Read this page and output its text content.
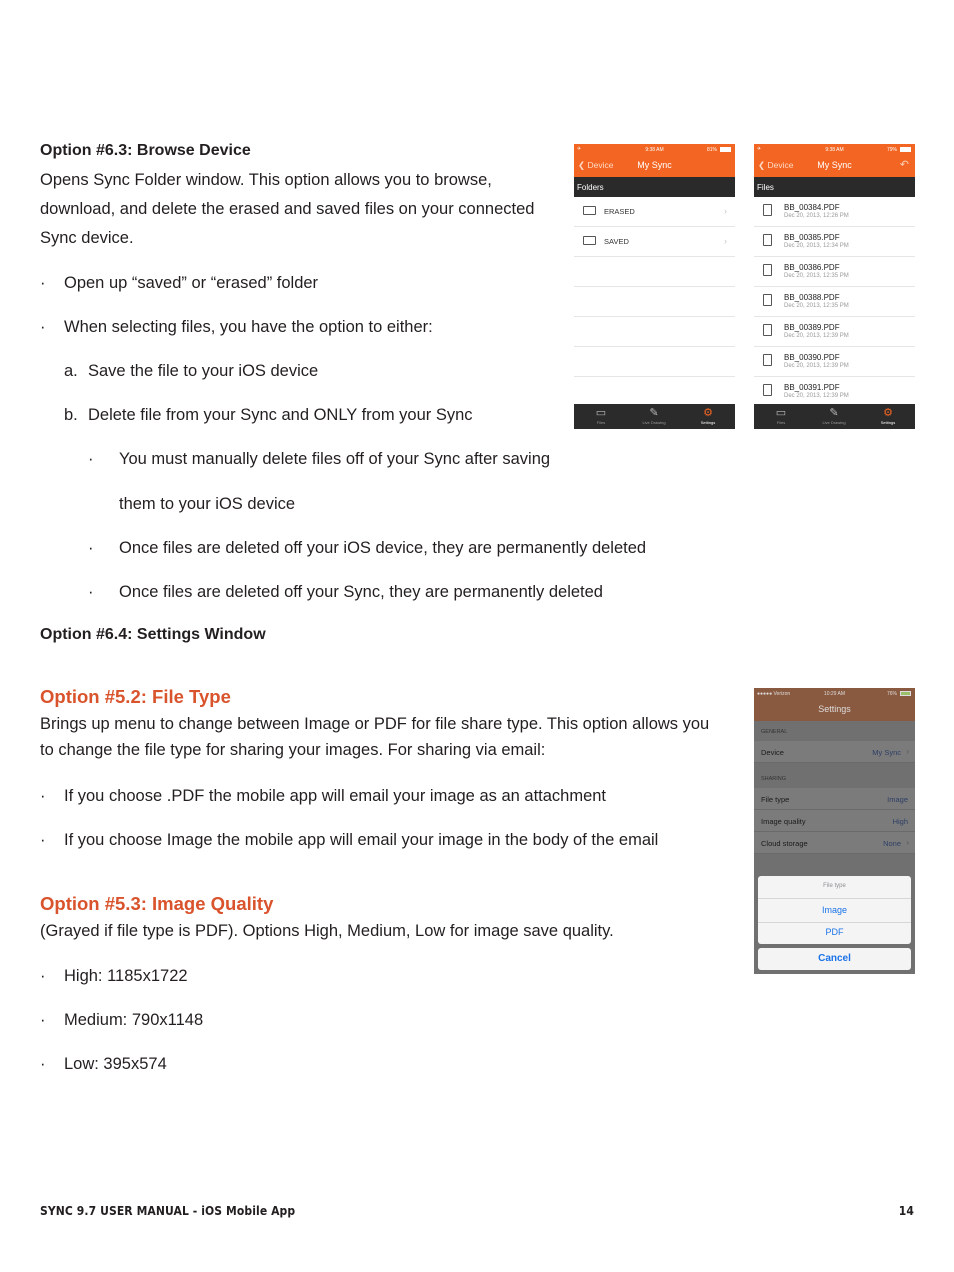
Option #6.3: Browse Device
Opens Sync Folder window. This option allows you to browse,
download, and delete the erased and saved files on your connected
Sync device.
· Open up “saved” or “erased” folder
· When selecting files, you have the option to either:
a. Save the file to your iOS device
b. Delete file from your Sync and ONLY from your Sync
· You must manually delete files off of your Sync after saving
them to your iOS device
· Once files are deleted off your iOS device, they are permanently deleted
· Once files are deleted off your Sync, they are permanently deleted
Option #6.4: Settings Window
Option #5.2: File Type
Brings up menu to change between Image or PDF for file share type. This option allows you
to change the file type for sharing your images. For sharing via email:
· If you choose .PDF the mobile app will email your image as an attachment
· If you choose Image the mobile app will email your image in the body of the email
Option #5.3: Image Quality
(Grayed if file type is PDF). Options High, Medium, Low for image save quality.
· High: 1185x1722
· Medium: 790x1148
· Low: 395x574
✈	9:38 AM	81%
❮ Device	My Sync
Folders
ERASED	›
SAVED	›
▭
Files
✎
Live Drawing
⚙
Settings
✈	9:38 AM	79%
❮ Device	My Sync	↶
Files
BB_00384.PDF
Dec 20, 2013, 12:26 PM
BB_00385.PDF
Dec 20, 2013, 12:34 PM
BB_00386.PDF
Dec 20, 2013, 12:35 PM
BB_00388.PDF
Dec 20, 2013, 12:35 PM
BB_00389.PDF
Dec 20, 2013, 12:39 PM
BB_00390.PDF
Dec 20, 2013, 12:39 PM
BB_00391.PDF
Dec 20, 2013, 12:39 PM
▭
Files
✎
Live Drawing
⚙
Settings
●●●●● Verizon	10:29 AM	76%
Settings
GENERAL
Device	My Sync ›
SHARING
File type	Image
Image quality	High
Cloud storage	None ›
File type
Image
PDF
Cancel
SYNC 9.7 USER MANUAL - iOS Mobile App	14
